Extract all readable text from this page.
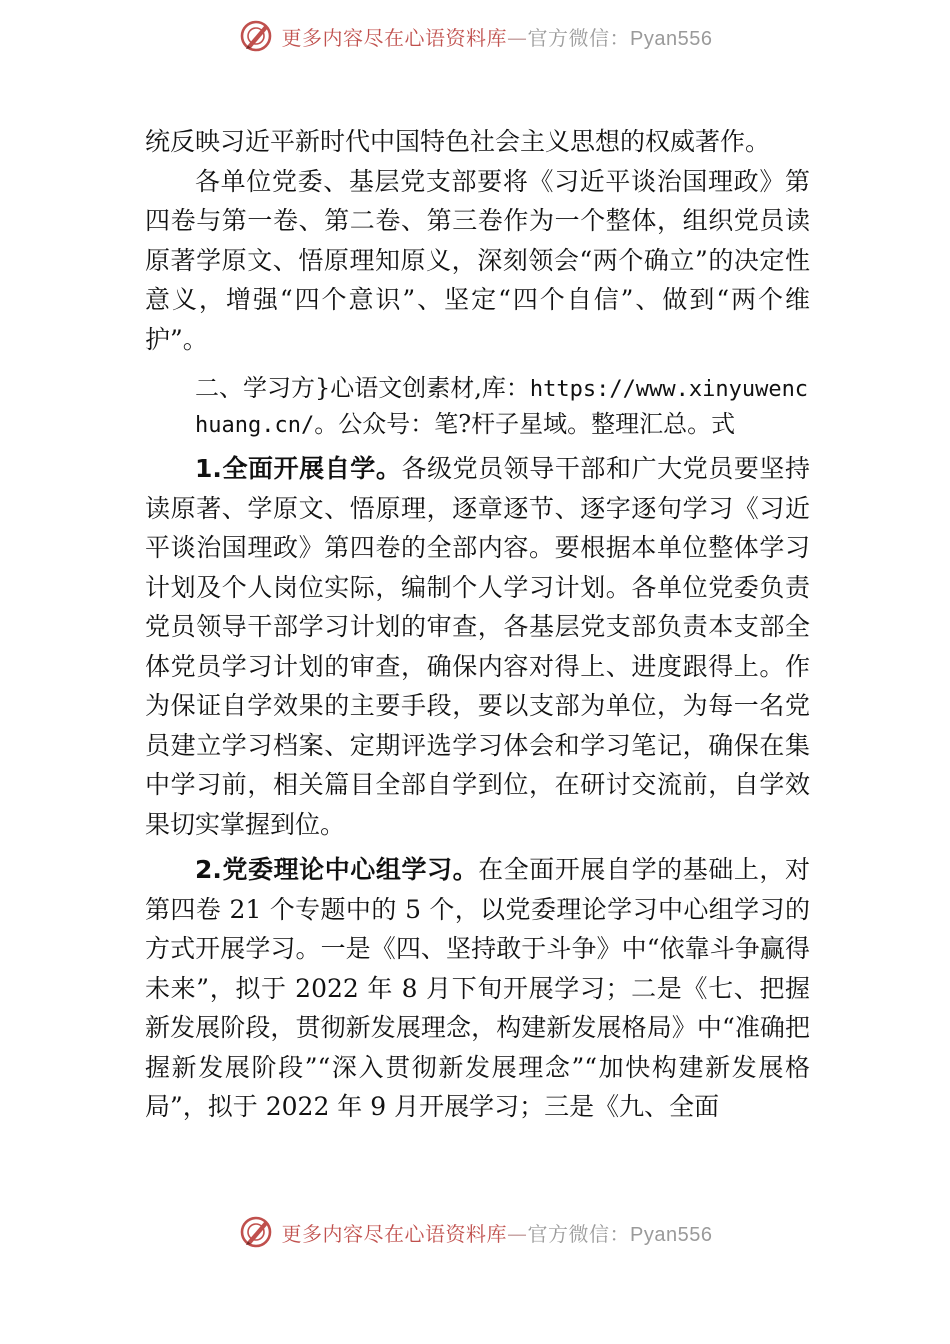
更多内容尽在心语资料库—官方微信：Pyan556

统反映习近平新时代中国特色社会主义思想的权威著作。

各单位党委、基层党支部要将《习近平谈治国理政》第四卷与第一卷、第二卷、第三卷作为一个整体，组织党员读原著学原文、悟原理知原义，深刻领会“两个确立”的决定性意义，增强“四个意识”、坚定“四个自信”、做到“两个维护”。

二、学习方}心语文创素材,库：https://www.xinyuwenchuang.cn/。公众号：笔?杆子星域。整理汇总。式

1.全面开展自学。各级党员领导干部和广大党员要坚持读原著、学原文、悟原理，逐章逐节、逐字逐句学习《习近平谈治国理政》第四卷的全部内容。要根据本单位整体学习计划及个人岗位实际，编制个人学习计划。各单位党委负责党员领导干部学习计划的审查，各基层党支部负责本支部全体党员学习计划的审查，确保内容对得上、进度跟得上。作为保证自学效果的主要手段，要以支部为单位，为每一名党员建立学习档案、定期评选学习体会和学习笔记，确保在集中学习前，相关篇目全部自学到位，在研讨交流前，自学效果切实掌握到位。

2.党委理论中心组学习。在全面开展自学的基础上，对第四卷 21 个专题中的 5 个，以党委理论学习中心组学习的方式开展学习。一是《四、坚持敢于斗争》中“依靠斗争赢得未来”，拟于 2022 年 8 月下旬开展学习；二是《七、把握新发展阶段，贯彻新发展理念，构建新发展格局》中“准确把握新发展阶段”“深入贯彻新发展理念”“加快构建新发展格局”，拟于 2022 年 9 月开展学习；三是《九、全面

更多内容尽在心语资料库—官方微信：Pyan556
